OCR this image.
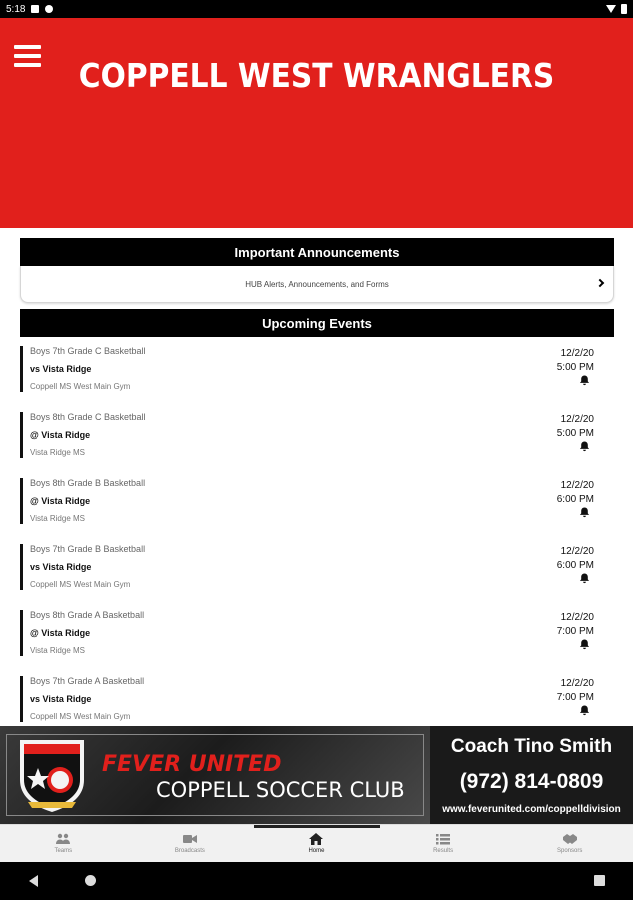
5:18
COPPELL WEST WRANGLERS
Important Announcements
HUB Alerts, Announcements, and Forms
Upcoming Events
Boys 7th Grade C Basketball
vs Vista Ridge
Coppell MS West Main Gym
12/2/20
5:00 PM
Boys 8th Grade C Basketball
@ Vista Ridge
Vista Ridge MS
12/2/20
5:00 PM
Boys 8th Grade B Basketball
@ Vista Ridge
Vista Ridge MS
12/2/20
6:00 PM
Boys 7th Grade B Basketball
vs Vista Ridge
Coppell MS West Main Gym
12/2/20
6:00 PM
Boys 8th Grade A Basketball
@ Vista Ridge
Vista Ridge MS
12/2/20
7:00 PM
Boys 7th Grade A Basketball
vs Vista Ridge
Coppell MS West Main Gym
12/2/20
7:00 PM
FEVER UNITED
COPPELL SOCCER CLUB
Coach Tino Smith
(972) 814-0809
www.feverunited.com/coppelldivision
Teams	Broadcasts	Home	Results	Sponsors
